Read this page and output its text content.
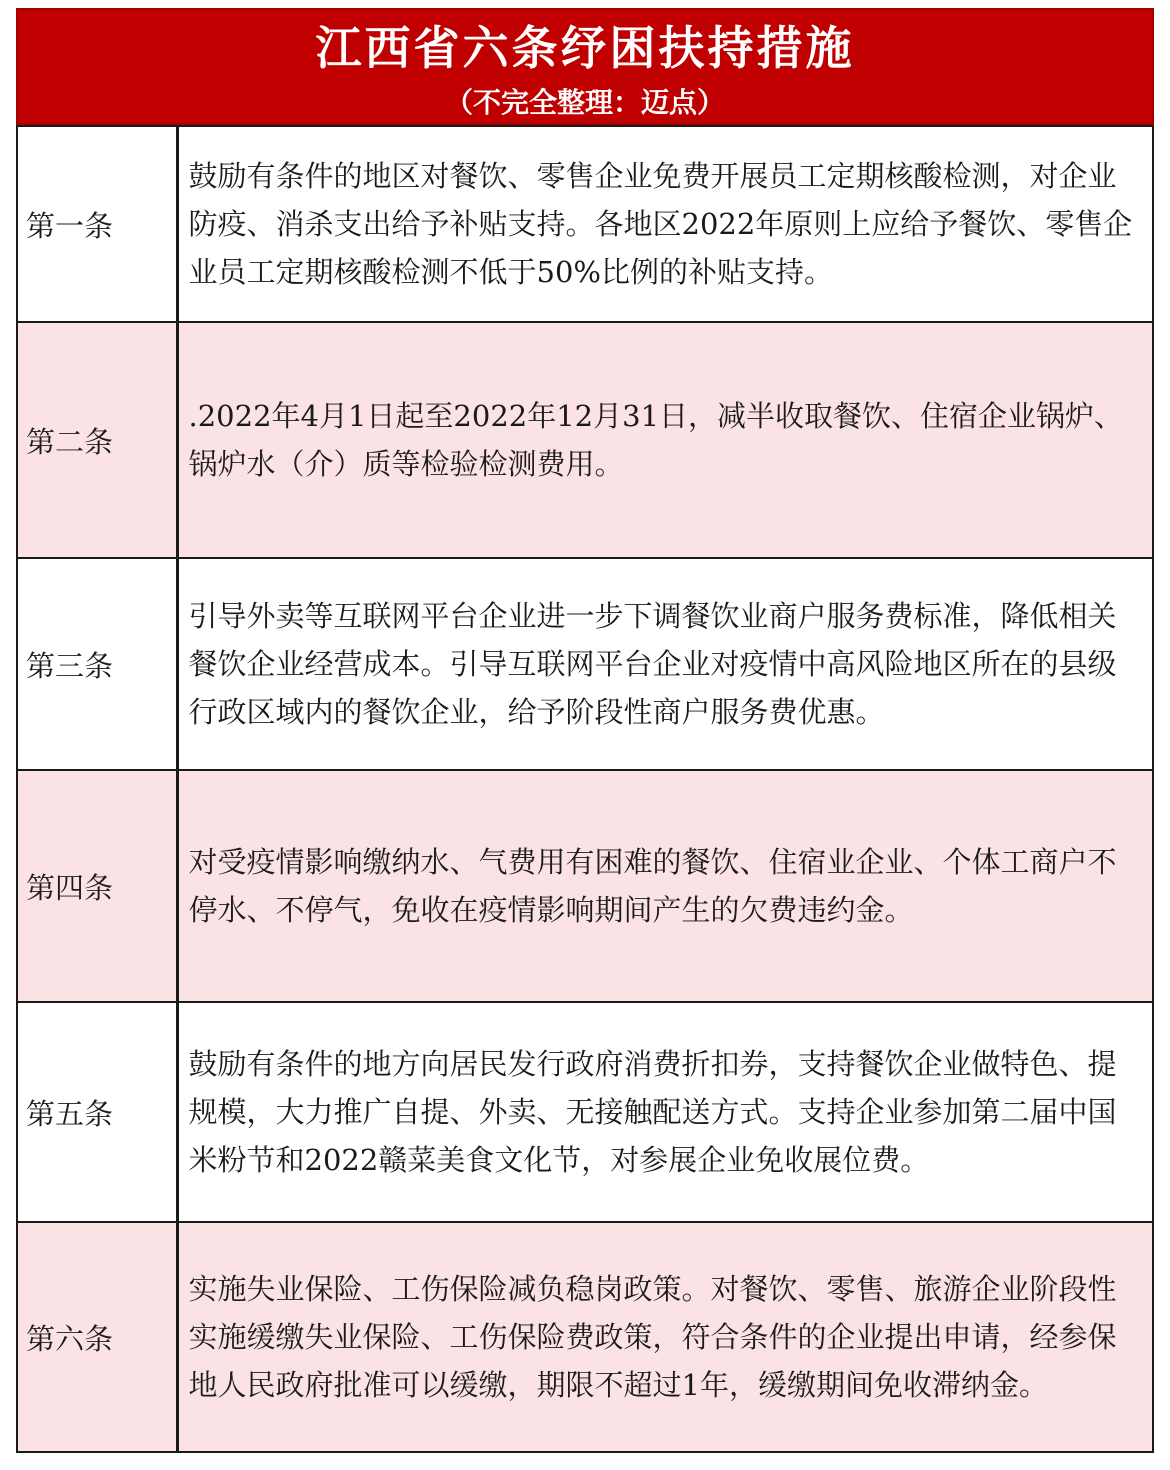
江西省六条纾困扶持措施
（不完全整理：迈点）
第一条	鼓励有条件的地区对餐饮、零售企业免费开展员工定期核酸检测，对企业防疫、消杀支出给予补贴支持。各地区2022年原则上应给予餐饮、零售企业员工定期核酸检测不低于50%比例的补贴支持。
第二条	.2022年4月1日起至2022年12月31日，减半收取餐饮、住宿企业锅炉、锅炉水（介）质等检验检测费用。
第三条	引导外卖等互联网平台企业进一步下调餐饮业商户服务费标准，降低相关餐饮企业经营成本。引导互联网平台企业对疫情中高风险地区所在的县级行政区域内的餐饮企业，给予阶段性商户服务费优惠。
第四条	对受疫情影响缴纳水、气费用有困难的餐饮、住宿业企业、个体工商户不停水、不停气，免收在疫情影响期间产生的欠费违约金。
第五条	鼓励有条件的地方向居民发行政府消费折扣券，支持餐饮企业做特色、提规模，大力推广自提、外卖、无接触配送方式。支持企业参加第二届中国米粉节和2022赣菜美食文化节，对参展企业免收展位费。
第六条	实施失业保险、工伤保险减负稳岗政策。对餐饮、零售、旅游企业阶段性实施缓缴失业保险、工伤保险费政策，符合条件的企业提出申请，经参保地人民政府批准可以缓缴，期限不超过1年，缓缴期间免收滞纳金。
